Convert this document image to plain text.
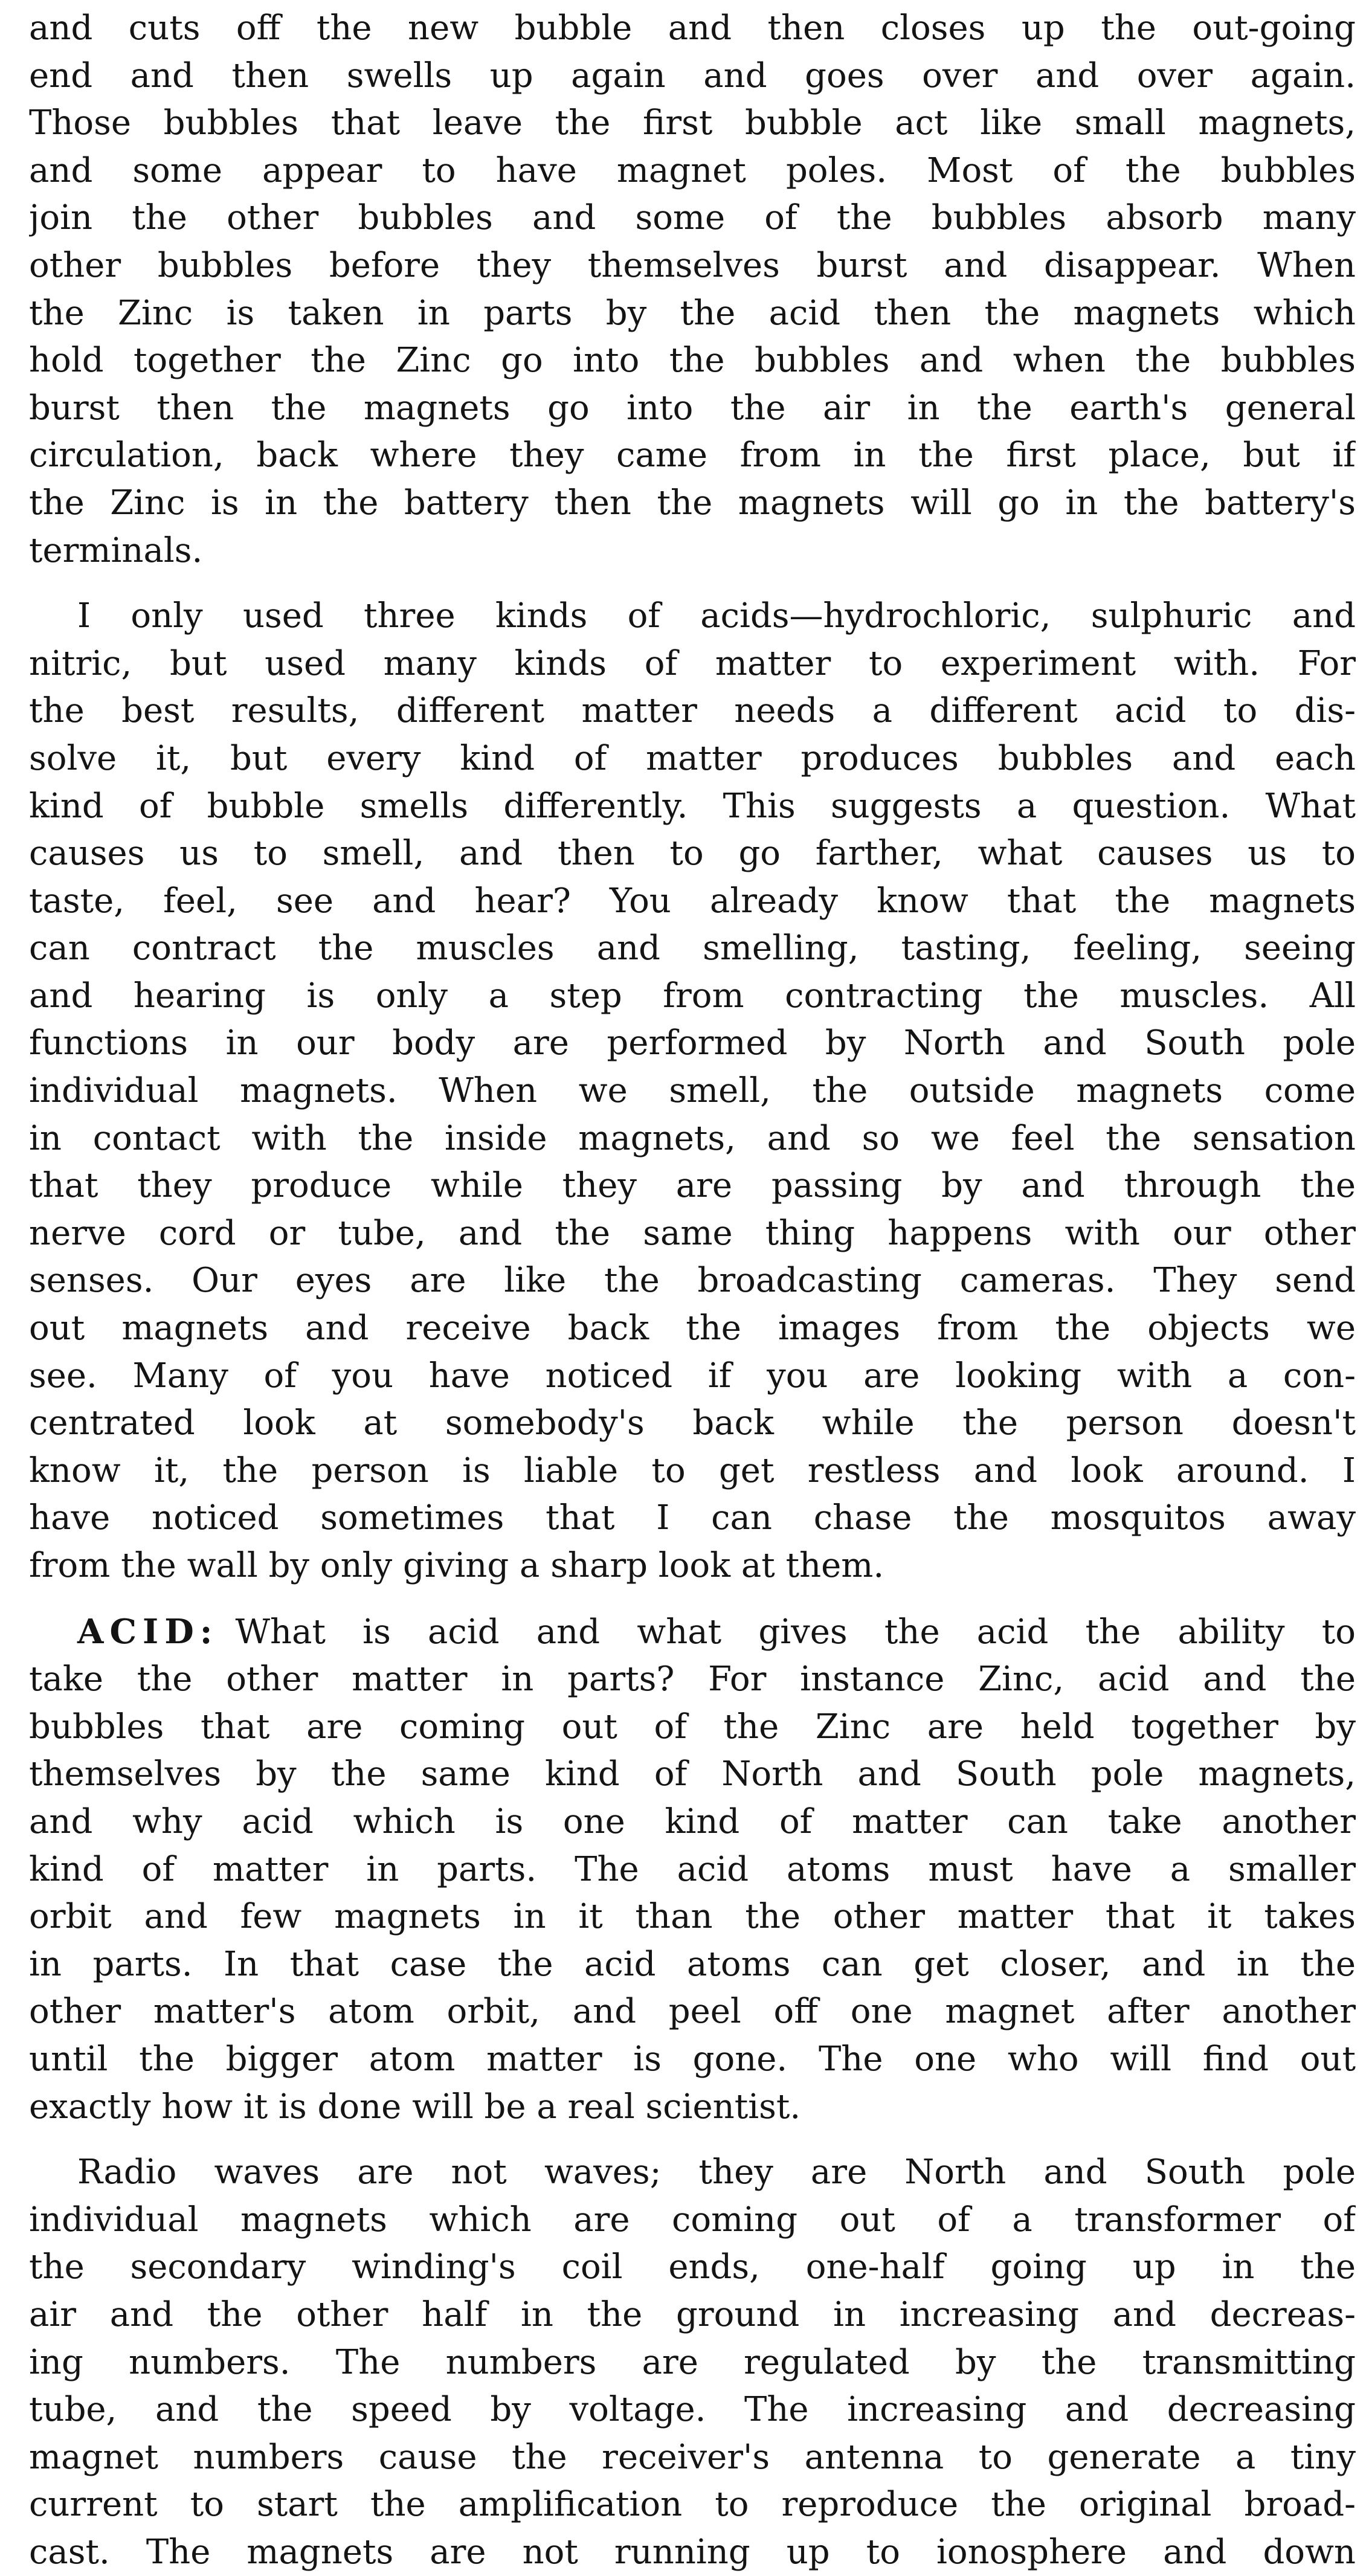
and cuts off the new bubble and then closes up the out-going
end and then swells up again and goes over and over again.
Those bubbles that leave the first bubble act like small magnets,
and some appear to have magnet poles. Most of the bubbles
join the other bubbles and some of the bubbles absorb many
other bubbles before they themselves burst and disappear. When
the Zinc is taken in parts by the acid then the magnets which
hold together the Zinc go into the bubbles and when the bubbles
burst then the magnets go into the air in the earth's general
circulation, back where they came from in the first place, but if
the Zinc is in the battery then the magnets will go in the battery's
terminals.

I only used three kinds of acids—hydrochloric, sulphuric and
nitric, but used many kinds of matter to experiment with. For
the best results, different matter needs a different acid to dis-
solve it, but every kind of matter produces bubbles and each
kind of bubble smells differently. This suggests a question. What
causes us to smell, and then to go farther, what causes us to
taste, feel, see and hear? You already know that the magnets
can contract the muscles and smelling, tasting, feeling, seeing
and hearing is only a step from contracting the muscles. All
functions in our body are performed by North and South pole
individual magnets. When we smell, the outside magnets come
in contact with the inside magnets, and so we feel the sensation
that they produce while they are passing by and through the
nerve cord or tube, and the same thing happens with our other
senses. Our eyes are like the broadcasting cameras. They send
out magnets and receive back the images from the objects we
see. Many of you have noticed if you are looking with a con-
centrated look at somebody's back while the person doesn't
know it, the person is liable to get restless and look around. I
have noticed sometimes that I can chase the mosquitos away
from the wall by only giving a sharp look at them.

ACID: What is acid and what gives the acid the ability to
take the other matter in parts? For instance Zinc, acid and the
bubbles that are coming out of the Zinc are held together by
themselves by the same kind of North and South pole magnets,
and why acid which is one kind of matter can take another
kind of matter in parts. The acid atoms must have a smaller
orbit and few magnets in it than the other matter that it takes
in parts. In that case the acid atoms can get closer, and in the
other matter's atom orbit, and peel off one magnet after another
until the bigger atom matter is gone. The one who will find out
exactly how it is done will be a real scientist.

Radio waves are not waves; they are North and South pole
individual magnets which are coming out of a transformer of
the secondary winding's coil ends, one-half going up in the
air and the other half in the ground in increasing and decreas-
ing numbers. The numbers are regulated by the transmitting
tube, and the speed by voltage. The increasing and decreasing
magnet numbers cause the receiver's antenna to generate a tiny
current to start the amplification to reproduce the original broad-
cast. The magnets are not running up to ionosphere and down
